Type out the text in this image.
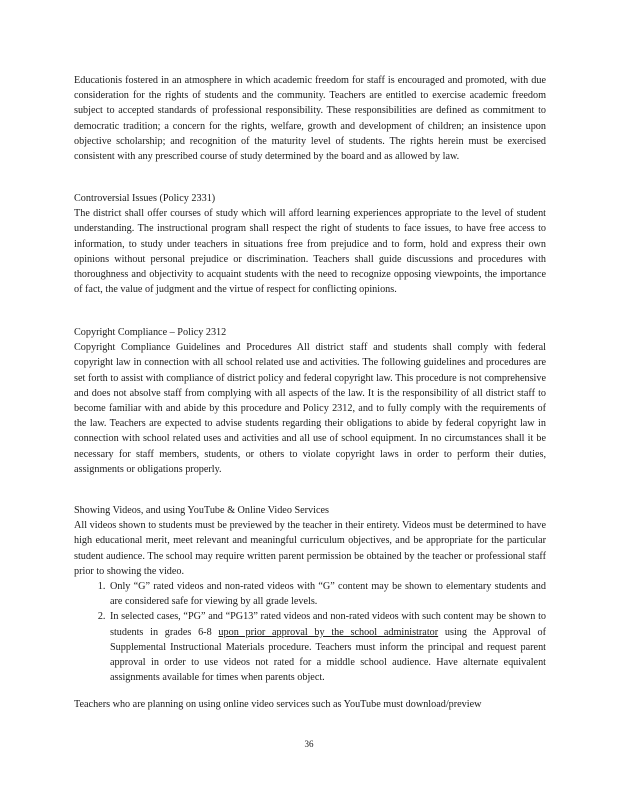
Educationis fostered in an atmosphere in which academic freedom for staff is encouraged and promoted, with due consideration for the rights of students and the community. Teachers are entitled to exercise academic freedom subject to accepted standards of professional responsibility. These responsibilities are defined as commitment to democratic tradition; a concern for the rights, welfare, growth and development of children; an insistence upon objective scholarship; and recognition of the maturity level of students. The rights herein must be exercised consistent with any prescribed course of study determined by the board and as allowed by law.

Controversial Issues (Policy 2331)

The district shall offer courses of study which will afford learning experiences appropriate to the level of student understanding. The instructional program shall respect the right of students to face issues, to have free access to information, to study under teachers in situations free from prejudice and to form, hold and express their own opinions without personal prejudice or discrimination. Teachers shall guide discussions and procedures with thoroughness and objectivity to acquaint students with the need to recognize opposing viewpoints, the importance of fact, the value of judgment and the virtue of respect for conflicting opinions.

Copyright Compliance – Policy 2312

Copyright Compliance Guidelines and Procedures All district staff and students shall comply with federal copyright law in connection with all school related use and activities. The following guidelines and procedures are set forth to assist with compliance of district policy and federal copyright law. This procedure is not comprehensive and does not absolve staff from complying with all aspects of the law. It is the responsibility of all district staff to become familiar with and abide by this procedure and Policy 2312, and to fully comply with the requirements of the law. Teachers are expected to advise students regarding their obligations to abide by federal copyright law in connection with school related uses and activities and all use of school equipment. In no circumstances shall it be necessary for staff members, students, or others to violate copyright laws in order to perform their duties, assignments or obligations properly.

Showing Videos, and using YouTube & Online Video Services

All videos shown to students must be previewed by the teacher in their entirety. Videos must be determined to have high educational merit, meet relevant and meaningful curriculum objectives, and be appropriate for the particular student audience. The school may require written parent permission be obtained by the teacher or professional staff prior to showing the video.

1. Only “G” rated videos and non-rated videos with “G” content may be shown to elementary students and are considered safe for viewing by all grade levels.
2. In selected cases, “PG” and “PG13” rated videos and non-rated videos with such content may be shown to students in grades 6-8 upon prior approval by the school administrator using the Approval of Supplemental Instructional Materials procedure. Teachers must inform the principal and request parent approval in order to use videos not rated for a middle school audience. Have alternate equivalent assignments available for times when parents object.

Teachers who are planning on using online video services such as YouTube must download/preview

36
